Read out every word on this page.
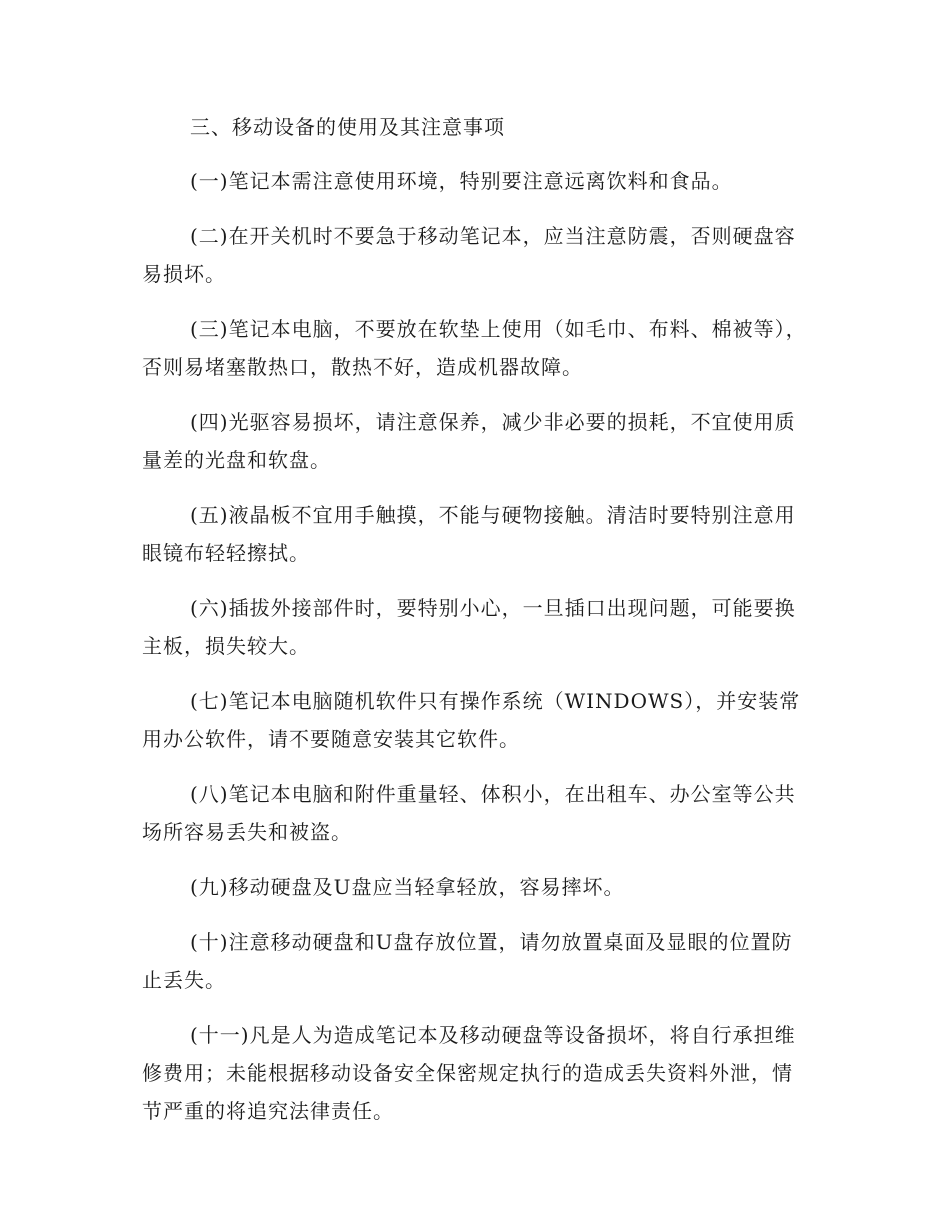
三、移动设备的使用及其注意事项

(一)笔记本需注意使用环境，特别要注意远离饮料和食品。

(二)在开关机时不要急于移动笔记本，应当注意防震，否则硬盘容易损坏。

(三)笔记本电脑，不要放在软垫上使用（如毛巾、布料、棉被等），否则易堵塞散热口，散热不好，造成机器故障。

(四)光驱容易损坏，请注意保养，减少非必要的损耗，不宜使用质量差的光盘和软盘。

(五)液晶板不宜用手触摸，不能与硬物接触。清洁时要特别注意用眼镜布轻轻擦拭。

(六)插拔外接部件时，要特别小心，一旦插口出现问题，可能要换主板，损失较大。

(七)笔记本电脑随机软件只有操作系统（WINDOWS），并安装常用办公软件，请不要随意安装其它软件。

(八)笔记本电脑和附件重量轻、体积小，在出租车、办公室等公共场所容易丢失和被盗。

(九)移动硬盘及U盘应当轻拿轻放，容易摔坏。

(十)注意移动硬盘和U盘存放位置，请勿放置桌面及显眼的位置防止丢失。

(十一)凡是人为造成笔记本及移动硬盘等设备损坏，将自行承担维修费用；未能根据移动设备安全保密规定执行的造成丢失资料外泄，情节严重的将追究法律责任。
